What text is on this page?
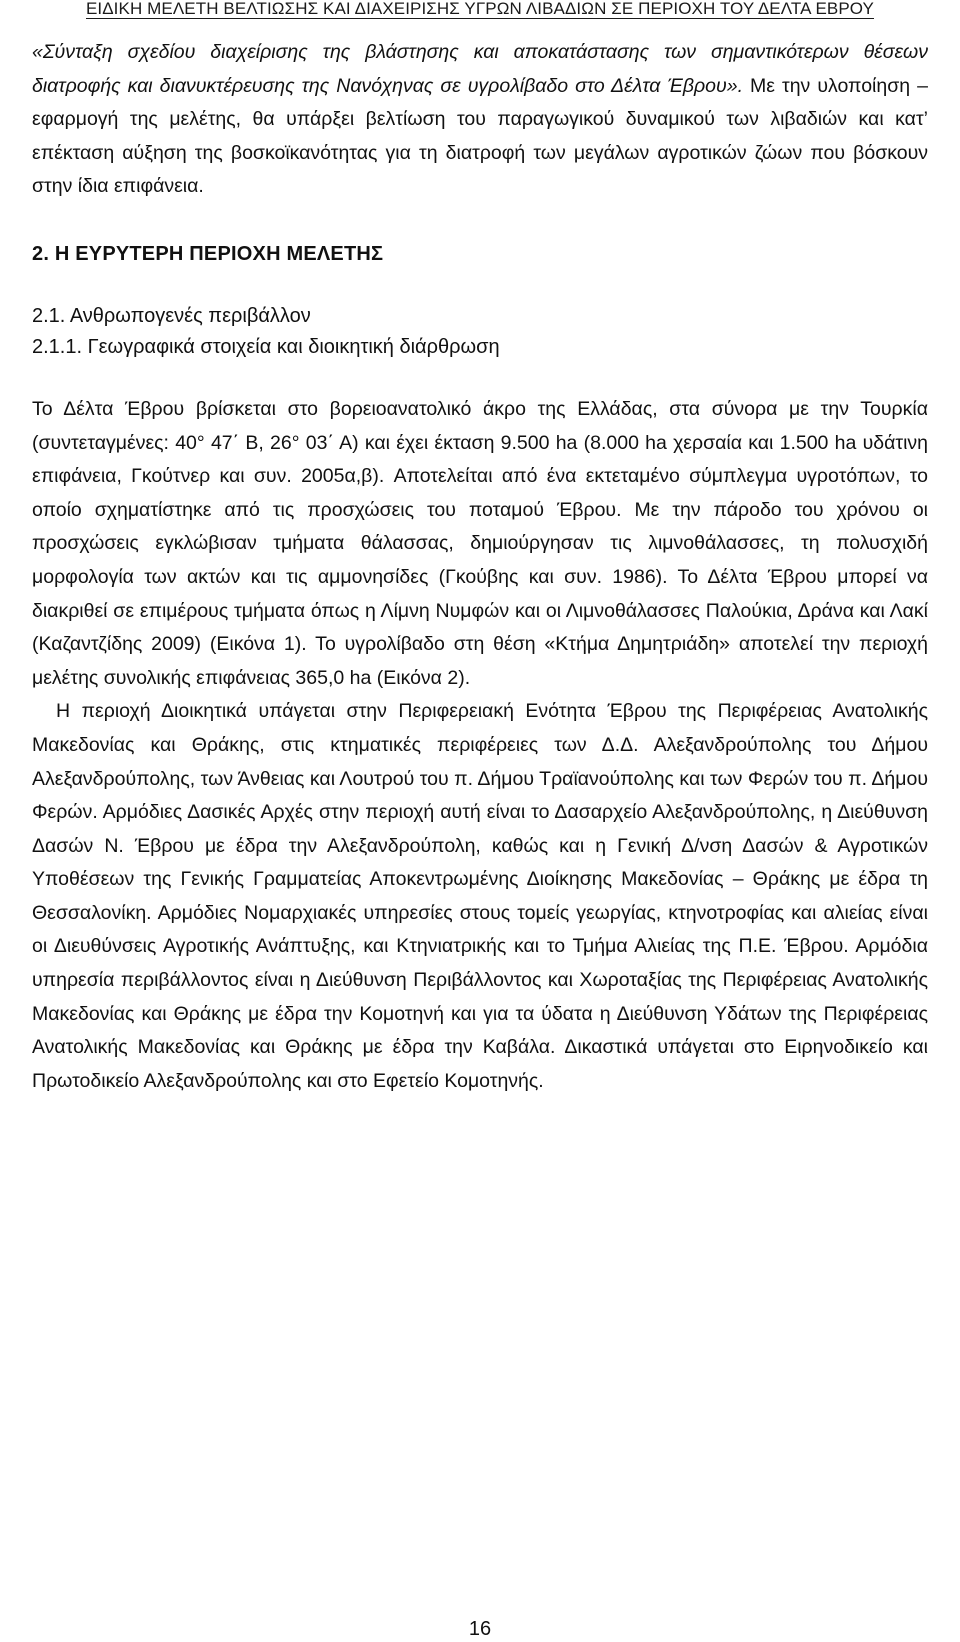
ΕΙΔΙΚΗ ΜΕΛΕΤΗ ΒΕΛΤΙΩΣΗΣ ΚΑΙ ΔΙΑΧΕΙΡΙΣΗΣ ΥΓΡΩΝ ΛΙΒΑΔΙΩΝ ΣΕ ΠΕΡΙΟΧΗ ΤΟΥ ΔΕΛΤΑ ΕΒΡΟΥ

«Σύνταξη σχεδίου διαχείρισης της βλάστησης και αποκατάστασης των σημαντικότερων θέσεων διατροφής και διανυκτέρευσης της Νανόχηνας σε υγρολίβαδο στο Δέλτα Έβρου». Με την υλοποίηση – εφαρμογή της μελέτης, θα υπάρξει βελτίωση του παραγωγικού δυναμικού των λιβαδιών και κατ’ επέκταση αύξηση της βοσκοϊκανότητας για τη διατροφή των μεγάλων αγροτικών ζώων που βόσκουν στην ίδια επιφάνεια.

2. Η ΕΥΡΥΤΕΡΗ ΠΕΡΙΟΧΗ ΜΕΛΕΤΗΣ
2.1. Ανθρωπογενές περιβάλλον
2.1.1. Γεωγραφικά στοιχεία και διοικητική διάρθρωση

Το Δέλτα Έβρου βρίσκεται στο βορειοανατολικό άκρο της Ελλάδας, στα σύνορα με την Τουρκία (συντεταγμένες: 40° 47΄ Β, 26° 03΄ Α) και έχει έκταση 9.500 ha (8.000 ha χερσαία και 1.500 ha υδάτινη επιφάνεια, Γκούτνερ και συν. 2005α,β). Αποτελείται από ένα εκτεταμένο σύμπλεγμα υγροτόπων, το οποίο σχηματίστηκε από τις προσχώσεις του ποταμού Έβρου. Με την πάροδο του χρόνου οι προσχώσεις εγκλώβισαν τμήματα θάλασσας, δημιούργησαν τις λιμνοθάλασσες, τη πολυσχιδή μορφολογία των ακτών και τις αμμονησίδες (Γκούβης και συν. 1986). Το Δέλτα Έβρου μπορεί να διακριθεί σε επιμέρους τμήματα όπως η Λίμνη Νυμφών και οι Λιμνοθάλασσες Παλούκια, Δράνα και Λακί (Καζαντζίδης 2009) (Εικόνα 1). Το υγρολίβαδο στη θέση «Κτήμα Δημητριάδη» αποτελεί την περιοχή μελέτης συνολικής επιφάνειας 365,0 ha (Εικόνα 2).

Η περιοχή Διοικητικά υπάγεται στην Περιφερειακή Ενότητα Έβρου της Περιφέρειας Ανατολικής Μακεδονίας και Θράκης, στις κτηματικές περιφέρειες των Δ.Δ. Αλεξανδρούπολης του Δήμου Αλεξανδρούπολης, των Άνθειας και Λουτρού του π. Δήμου Τραϊανούπολης και των Φερών του π. Δήμου Φερών. Αρμόδιες Δασικές Αρχές στην περιοχή αυτή είναι το Δασαρχείο Αλεξανδρούπολης, η Διεύθυνση Δασών Ν. Έβρου με έδρα την Αλεξανδρούπολη, καθώς και η Γενική Δ/νση Δασών & Αγροτικών Υποθέσεων της Γενικής Γραμματείας Αποκεντρωμένης Διοίκησης Μακεδονίας – Θράκης με έδρα τη Θεσσαλονίκη. Αρμόδιες Νομαρχιακές υπηρεσίες στους τομείς γεωργίας, κτηνοτροφίας και αλιείας είναι οι Διευθύνσεις Αγροτικής Ανάπτυξης, και Κτηνιατρικής και το Τμήμα Αλιείας της Π.Ε. Έβρου. Αρμόδια υπηρεσία περιβάλλοντος είναι η Διεύθυνση Περιβάλλοντος και Χωροταξίας της Περιφέρειας Ανατολικής Μακεδονίας και Θράκης με έδρα την Κομοτηνή και για τα ύδατα η Διεύθυνση Υδάτων της Περιφέρειας Ανατολικής Μακεδονίας και Θράκης με έδρα την Καβάλα. Δικαστικά υπάγεται στο Ειρηνοδικείο και Πρωτοδικείο Αλεξανδρούπολης και στο Εφετείο Κομοτηνής.

16
